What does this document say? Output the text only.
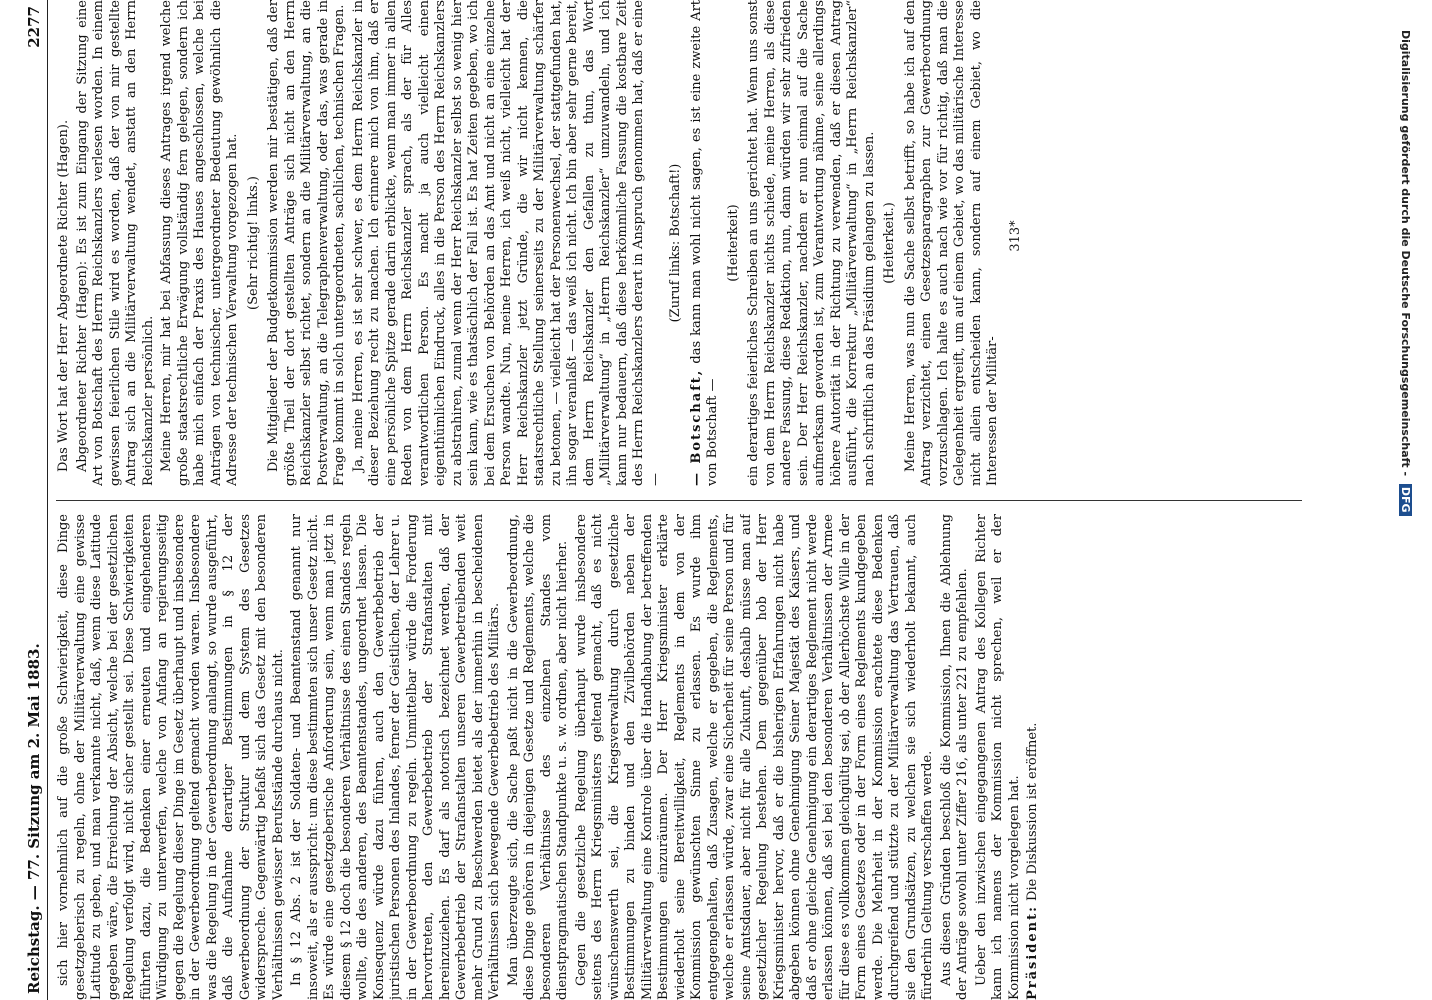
Reichstag. — 77. Sitzung am 2. Mai 1883.
2277

sich hier vornehmlich auf die große Schwierigkeit, diese Dinge gesetzgeberisch zu regeln, ohne der Militärverwaltung eine gewisse Latitude zu geben, und man verkannte nicht, daß, wenn diese Latitude gegeben wäre, die Erreichung der Absicht, welche bei der gesetzlichen Regelung verfolgt wird, nicht sicher gestellt sei. Diese Schwierigkeiten führten dazu, die Bedenken einer erneuten und eingehenderen Würdigung zu unterwerfen, welche von Anfang an regierungsseitig gegen die Regelung dieser Dinge im Gesetz überhaupt und insbesondere in der Gewerbeordnung geltend gemacht worden waren. Insbesondere was die Regelung in der Gewerbeordnung anlangt, so wurde ausgeführt, daß die Aufnahme derartiger Bestimmungen in § 12 der Gewerbeordnung der Struktur und dem System des Gesetzes widerspreche. Gegenwärtig befaßt sich das Gesetz mit den besonderen Verhältnissen gewisser Berufsstände durchaus nicht. In § 12 Abs. 2 ist der Soldaten- und Beamtenstand genannt nur insoweit, als er ausspricht: um diese bestimmten sich unser Gesetz nicht. Es würde eine gesetzgeberische Anforderung sein, wenn man jetzt in diesem § 12 doch die besonderen Verhältnisse des einen Standes regeln wollte, die des anderen, des Beamtenstandes, ungeordnet lassen. Die Konsequenz würde dazu führen, auch den Gewerbebetrieb der juristischen Personen des Inlandes, ferner der Geistlichen, der Lehrer u. in der Gewerbeordnung zu regeln. Unmittelbar würde die Forderung hervortreten, den Gewerbebetrieb der Strafanstalten mit hereinzuziehen. Es darf als notorisch bezeichnet werden, daß der Gewerbebetrieb der Strafanstalten unseren Gewerbetreibenden weit mehr Grund zu Beschwerden bietet als der immerhin in bescheidenen Verhältnissen sich bewegende Gewerbebetrieb des Militärs. Man überzeugte sich, die Sache paßt nicht in die Gewerbeordnung, diese Dinge gehören in diejenigen Gesetze und Reglements, welche die besonderen Verhältnisse des einzelnen Standes vom dienstpragmatischen Standpunkte u. s. w. ordnen, aber nicht hierher. Gegen die gesetzliche Regelung überhaupt wurde insbesondere seitens des Herrn Kriegsministers geltend gemacht, daß es nicht wünschenswerth sei, die Kriegsverwaltung durch gesetzliche Bestimmungen zu binden und den Zivilbehörden neben der Militärverwaltung eine Kontrole über die Handhabung der betreffenden Bestimmungen einzuräumen. Der Herr Kriegsminister erklärte wiederholt seine Bereitwilligkeit, Reglements in dem von der Kommission gewünschten Sinne zu erlassen. Es wurde ihm entgegengehalten, daß Zusagen, welche er gegeben, die Reglements, welche er erlassen würde, zwar eine Sicherheit für seine Person und für seine Amtsdauer, aber nicht für alle Zukunft, deshalb müsse man auf gesetzlicher Regelung bestehen. Dem gegenüber hob der Herr Kriegsminister hervor, daß er die bisherigen Erfahrungen nicht habe abgeben können ohne Genehmigung Seiner Majestät des Kaisers, und daß er ohne gleiche Genehmigung ein derartiges Reglement nicht werde erlassen können, daß sei bei den besonderen Verhältnissen der Armee für diese es vollkommen gleichgültig sei, ob der Allerhöchste Wille in der Form eines Gesetzes oder in der Form eines Reglements kundgegeben werde. Die Mehrheit in der Kommission erachtete diese Bedenken durchgreifend und stützte zu der Militärverwaltung das Vertrauen, daß sie den Grundsätzen, zu welchen sie sich wiederholt bekannt, auch fürderhin Geltung verschaffen werde. Aus diesen Gründen beschloß die Kommission, Ihnen die Ablehnung der Anträge sowohl unter Ziffer 216, als unter 221 zu empfehlen. Ueber den inzwischen eingegangenen Antrag des Kollegen Richter kann ich namens der Kommission nicht sprechen, weil er der Kommission nicht vorgelegen hat. Präsident: Die Diskussion ist eröffnet.

Das Wort hat der Herr Abgeordnete Richter (Hagen). Abgeordneter Richter (Hagen): Es ist zum Eingang der Sitzung eine Art von Botschaft des Herrn Reichskanzlers verlesen worden. In einem gewissen feierlichen Stile wird es worden, daß der von mir gestellte Antrag sich an die Militärverwaltung wendet, anstatt an den Herrn Reichskanzler persönlich. Meine Herren, mir hat bei Abfassung dieses Antrages irgend welche große staatsrechtliche Erwägung vollständig fern gelegen, sondern ich habe mich einfach der Praxis des Hauses angeschlossen, welche bei Anträgen von technischer, untergeordneter Bedeutung gewöhnlich die Adresse der technischen Verwaltung vorgezogen hat. (Sehr richtig! links.) Die Mitglieder der Budgetkommission werden mir bestätigen, daß der größte Theil der dort gestellten Anträge sich nicht an den Herrn Reichskanzler selbst richtet, sondern an die Militärverwaltung, an die Postverwaltung, an die Telegraphenverwaltung, oder das, was gerade in Frage kommt in solch untergeordneten, sachlichen, technischen Fragen. Ja, meine Herren, es ist sehr schwer, es dem Herrn Reichskanzler in dieser Beziehung recht zu machen. Ich erinnere mich von ihm, daß er eine persönliche Spitze gerade darin erblickte, wenn man immer in allen Reden von dem Herrn Reichskanzler sprach, als der für Alles verantwortlichen Person. Es macht ja auch vielleicht einen eigenthümlichen Eindruck, alles in die Person des Herrn Reichskanzlers zu abstrahiren, zumal wenn der Herr Reichskanzler selbst so wenig hier sein kann, wie es thatsächlich der Fall ist. Es hat Zeiten gegeben, wo ich bei dem Ersuchen von Behörden an das Amt und nicht an eine einzelne Person wandte. Nun, meine Herren, ich weiß nicht, vielleicht hat der Herr Reichskanzler jetzt Gründe, die wir nicht kennen, die staatsrechtliche Stellung seinerseits zu der Militärverwaltung schärfer zu betonen, — vielleicht hat der Personenwechsel, der stattgefunden hat, ihn sogar veranlaßt — das weiß ich nicht. Ich bin aber sehr gerne bereit, dem Herrn Reichskanzler den Gefallen zu thun, das Wort „Militärverwaltung“ in „Herrn Reichskanzler“ umzuwandeln, und ich kann nur bedauern, daß diese herkömmliche Fassung die kostbare Zeit des Herrn Reichskanzlers derart in Anspruch genommen hat, daß er eine —

(Zuruf links: Botschaft!)

— Botschaft, das kann man wohl nicht sagen, es ist eine zweite Art von Botschaft —

(Heiterkeit) ein derartiges feierliches Schreiben an uns gerichtet hat. Wenn uns sonst von dem Herrn Reichskanzler nichts schiede, meine Herren, als diese andere Fassung, diese Redaktion, nun, dann würden wir sehr zufrieden sein. Der Herr Reichskanzler, nachdem er nun einmal auf die Sache aufmerksam geworden ist, zum Verantwortung nähme, seine allerdings höhere Autorität in der Richtung zu verwenden, daß er diesen Antrag ausführt, die Korrektur „Militärverwaltung“ in „Herrn Reichskanzler“ nach schriftlich an das Präsidium gelangen zu lassen. (Heiterkeit.) Meine Herren, was nun die Sache selbst betrifft, so habe ich auf den Antrag verzichtet, einen Gesetzesparagraphen zur Gewerbeordnung vorzuschlagen. Ich halte es auch nach wie vor für richtig, daß man die Gelegenheit ergreift, um auf einem Gebiet, wo das militärische Interesse nicht allein entscheiden kann, sondern auf einem Gebiet, wo die Interessen der Militär-

313*	Digitalisierung gefördert durch die Deutsche Forschungsgemeinschaft - DFG
